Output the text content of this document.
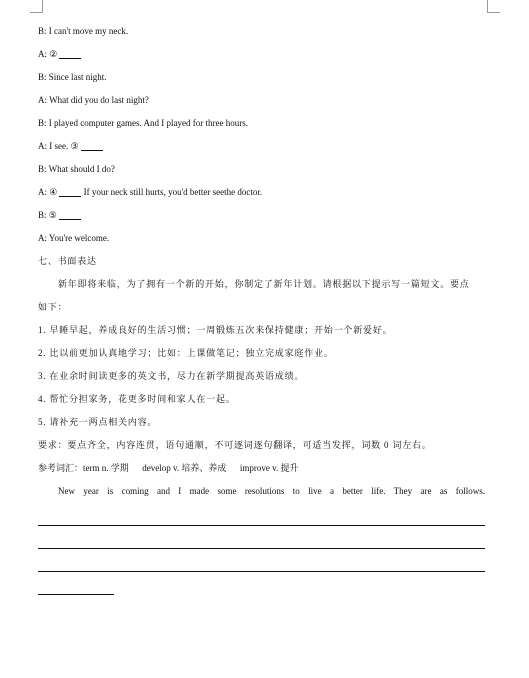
B: I can't move my neck.
A: ②
B: Since last night.
A: What did you do last night?
B: I played computer games. And I played for three hours.
A: I see. ③
B: What should I do?
A: ④	If your neck still hurts, you'd better seethe doctor.
B: ⑤
A: You're welcome.
七、书面表达
新年即将来临，为了拥有一个新的开始，你制定了新年计划。请根据以下提示写一篇短文。要点
如下：
1. 早睡早起，养成良好的生活习惯；一周锻炼五次来保持健康；开始一个新爱好。
2. 比以前更加认真地学习；比如：上课做笔记；独立完成家庭作业。
3. 在业余时间读更多的英文书，尽力在新学期提高英语成绩。
4. 帮忙分担家务，花更多时间和家人在一起。
5. 请补充一两点相关内容。
要求：要点齐全，内容连贯，语句通顺，不可逐词逐句翻译，可适当发挥，词数 0 词左右。
参考词汇：term n. 学期      develop v. 培养、养成      improve v. 提升
New year is coming and I made some resolutions to live a better life. They are as follows.
